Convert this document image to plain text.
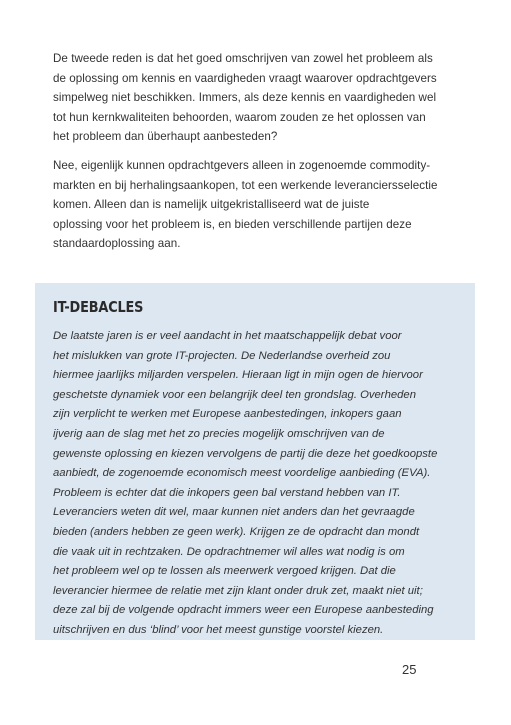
De tweede reden is dat het goed omschrijven van zowel het probleem als
de oplossing om kennis en vaardigheden vraagt waarover opdrachtgevers
simpelweg niet beschikken. Immers, als deze kennis en vaardigheden wel
tot hun kernkwaliteiten behoorden, waarom zouden ze het oplossen van
het probleem dan überhaupt aanbesteden?
Nee, eigenlijk kunnen opdrachtgevers alleen in zogenoemde commodity-
markten en bij herhalingsaankopen, tot een werkende leveranciersselectie
komen. Alleen dan is namelijk uitgekristalliseerd wat de juiste
oplossing voor het probleem is, en bieden verschillende partijen deze
standaardoplossing aan.
IT-DEBACLES
De laatste jaren is er veel aandacht in het maatschappelijk debat voor
het mislukken van grote IT-projecten. De Nederlandse overheid zou
hiermee jaarlijks miljarden verspelen. Hieraan ligt in mijn ogen de hiervoor
geschetste dynamiek voor een belangrijk deel ten grondslag. Overheden
zijn verplicht te werken met Europese aanbestedingen, inkopers gaan
ijverig aan de slag met het zo precies mogelijk omschrijven van de
gewenste oplossing en kiezen vervolgens de partij die deze het goedkoopste
aanbiedt, de zogenoemde economisch meest voordelige aanbieding (EVA).
Probleem is echter dat die inkopers geen bal verstand hebben van IT.
Leveranciers weten dit wel, maar kunnen niet anders dan het gevraagde
bieden (anders hebben ze geen werk). Krijgen ze de opdracht dan mondt
die vaak uit in rechtzaken. De opdrachtnemer wil alles wat nodig is om
het probleem wel op te lossen als meerwerk vergoed krijgen. Dat die
leverancier hiermee de relatie met zijn klant onder druk zet, maakt niet uit;
deze zal bij de volgende opdracht immers weer een Europese aanbesteding
uitschrijven en dus ‘blind’ voor het meest gunstige voorstel kiezen.
25
